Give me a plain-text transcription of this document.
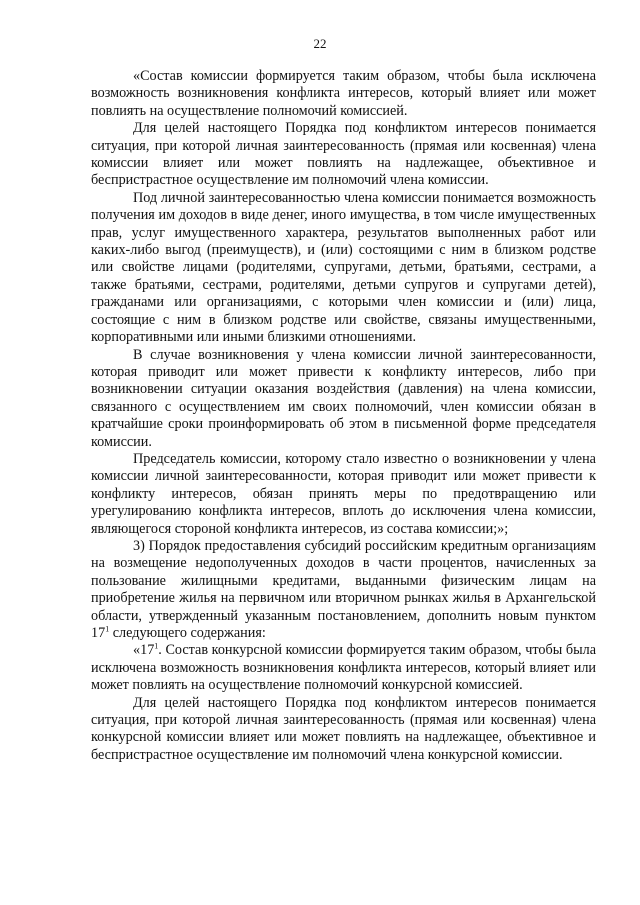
22

«Состав комиссии формируется таким образом, чтобы была исключена возможность возникновения конфликта интересов, который влияет или может повлиять на осуществление полномочий комиссией.

Для целей настоящего Порядка под конфликтом интересов понимается ситуация, при которой личная заинтересованность (прямая или косвенная) члена комиссии влияет или может повлиять на надлежащее, объективное и беспристрастное осуществление им полномочий члена комиссии.

Под личной заинтересованностью члена комиссии понимается возможность получения им доходов в виде денег, иного имущества, в том числе имущественных прав, услуг имущественного характера, результатов выполненных работ или каких-либо выгод (преимуществ), и (или) состоящими с ним в близком родстве или свойстве лицами (родителями, супругами, детьми, братьями, сестрами, а также братьями, сестрами, родителями, детьми супругов и супругами детей), гражданами или организациями, с которыми член комиссии и (или) лица, состоящие с ним в близком родстве или свойстве, связаны имущественными, корпоративными или иными близкими отношениями.

В случае возникновения у члена комиссии личной заинтересованности, которая приводит или может привести к конфликту интересов, либо при возникновении ситуации оказания воздействия (давления) на члена комиссии, связанного с осуществлением им своих полномочий, член комиссии обязан в кратчайшие сроки проинформировать об этом в письменной форме председателя комиссии.

Председатель комиссии, которому стало известно о возникновении у члена комиссии личной заинтересованности, которая приводит или может привести к конфликту интересов, обязан принять меры по предотвращению или урегулированию конфликта интересов, вплоть до исключения члена комиссии, являющегося стороной конфликта интересов, из состава комиссии;»;

3) Порядок предоставления субсидий российским кредитным организациям на возмещение недополученных доходов в части процентов, начисленных за пользование жилищными кредитами, выданными физическим лицам на приобретение жилья на первичном или вторичном рынках жилья в Архангельской области, утвержденный указанным постановлением, дополнить новым пунктом $17^1$ следующего содержания:

«$17^1$. Состав конкурсной комиссии формируется таким образом, чтобы была исключена возможность возникновения конфликта интересов, который влияет или может повлиять на осуществление полномочий конкурсной комиссией.

Для целей настоящего Порядка под конфликтом интересов понимается ситуация, при которой личная заинтересованность (прямая или косвенная) члена конкурсной комиссии влияет или может повлиять на надлежащее, объективное и беспристрастное осуществление им полномочий члена конкурсной комиссии.
